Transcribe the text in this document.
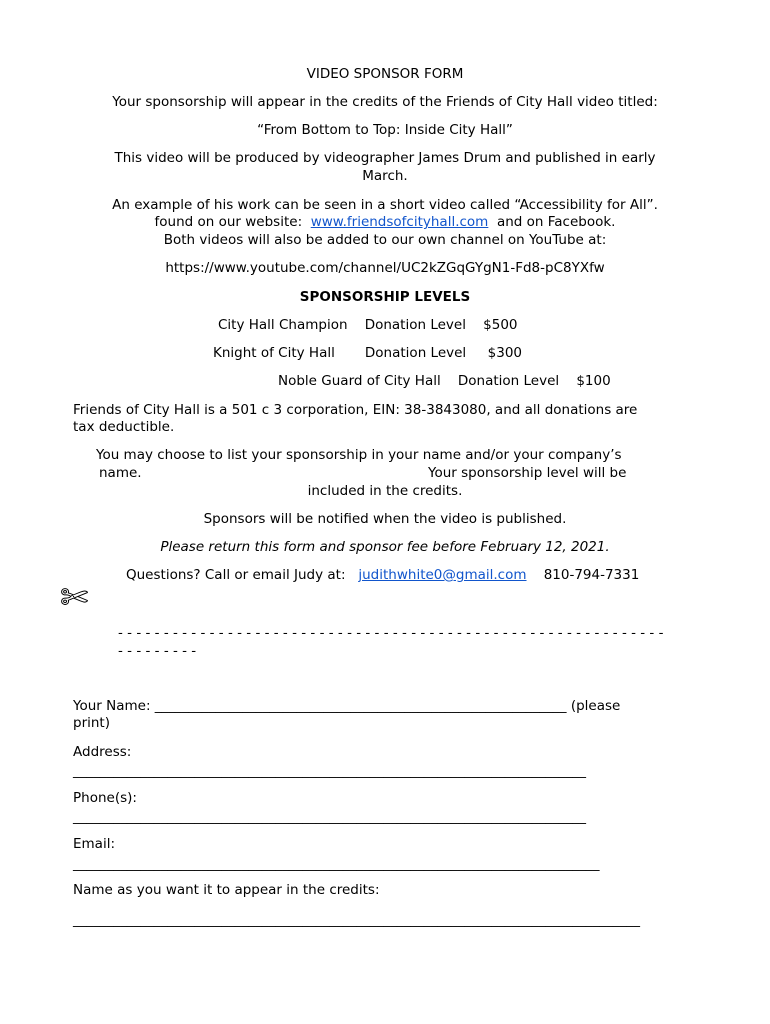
VIDEO SPONSOR FORM
Your sponsorship will appear in the credits of the Friends of City Hall video titled:
“From Bottom to Top: Inside City Hall”
This video will be produced by videographer James Drum and published in early
March.
An example of his work can be seen in a short video called “Accessibility for All”.
found on our website: www.friendsofcityhall.com and on Facebook.
Both videos will also be added to our own channel on YouTube at:
https://www.youtube.com/channel/UC2kZGqGYgN1-Fd8-pC8YXfw
SPONSORSHIP LEVELS
City Hall Champion Donation Level $500
Knight of City Hall Donation Level $300
Noble Guard of City Hall Donation Level $100
Friends of City Hall is a 501 c 3 corporation, EIN: 38-3843080, and all donations are
tax deductible.
You may choose to list your sponsorship in your name and/or your company’s
name.	Your sponsorship level will be
included in the credits.
Sponsors will be notified when the video is published.
Please return this form and sponsor fee before February 12, 2021.
Questions? Call or email Judy at: judithwhite0@gmail.com 810-794-7331
✄
- - - - - - - - - - - - - - - - - - - - - - - - - - - - - - - - - - - - - - - - - - - - - - - - - - - - - - - - - - - -
- - - - - - - - -
Your Name: _____________________________________________________________ (please
print)
Address:
____________________________________________________________________________
Phone(s):
____________________________________________________________________________
Email:
______________________________________________________________________________
Name as you want it to appear in the credits:
____________________________________________________________________________________
